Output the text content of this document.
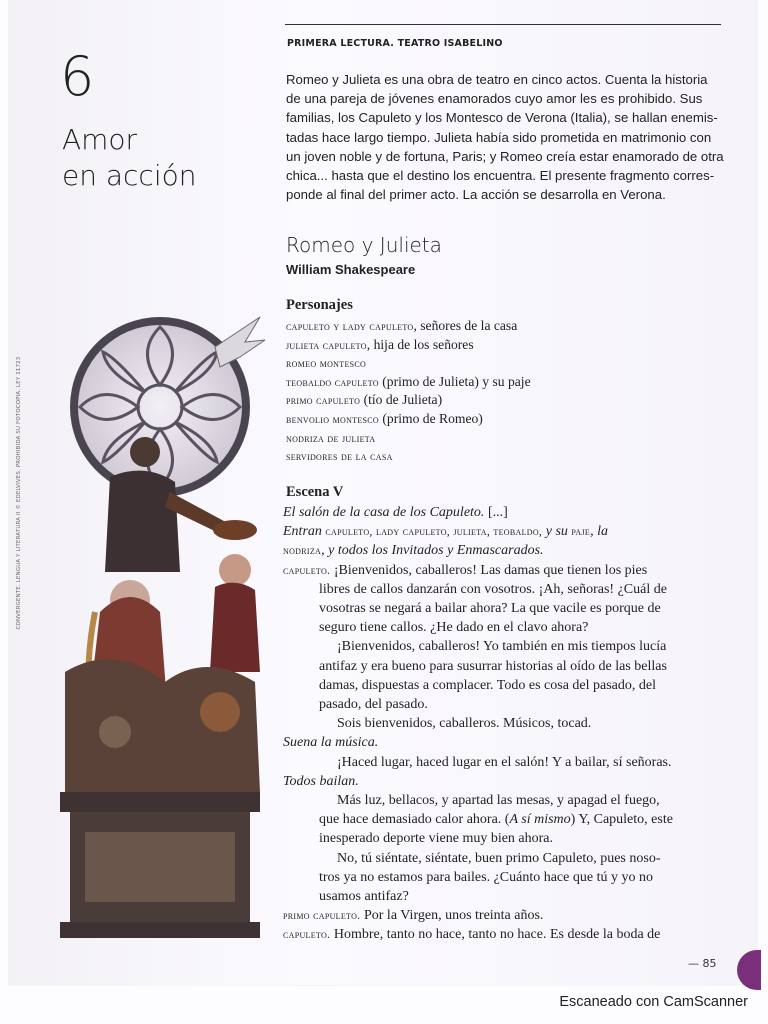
PRIMERA LECTURA. TEATRO ISABELINO
6
Amor
en acción
Romeo y Julieta es una obra de teatro en cinco actos. Cuenta la historia
de una pareja de jóvenes enamorados cuyo amor les es prohibido. Sus
familias, los Capuleto y los Montesco de Verona (Italia), se hallan enemis-
tadas hace largo tiempo. Julieta había sido prometida en matrimonio con
un joven noble y de fortuna, Paris; y Romeo creía estar enamorado de otra
chica... hasta que el destino los encuentra. El presente fragmento corres-
ponde al final del primer acto. La acción se desarrolla en Verona.
Romeo y Julieta
William Shakespeare
Personajes
capuleto y lady capuleto, señores de la casa
julieta capuleto, hija de los señores
romeo montesco
teobaldo capuleto (primo de Julieta) y su paje
primo capuleto (tío de Julieta)
benvolio montesco (primo de Romeo)
nodriza de julieta
servidores de la casa
Escena V
El salón de la casa de los Capuleto. [...]
Entran capuleto, lady capuleto, julieta, teobaldo, y su paje, la
nodriza, y todos los Invitados y Enmascarados.
capuleto. ¡Bienvenidos, caballeros! Las damas que tienen los pies
libres de callos danzarán con vosotros. ¡Ah, señoras! ¿Cuál de
vosotras se negará a bailar ahora? La que vacile es porque de
seguro tiene callos. ¿He dado en el clavo ahora?
¡Bienvenidos, caballeros! Yo también en mis tiempos lucía
antifaz y era bueno para susurrar historias al oído de las bellas
damas, dispuestas a complacer. Todo es cosa del pasado, del
pasado, del pasado.
Sois bienvenidos, caballeros. Músicos, tocad.
Suena la música.
¡Haced lugar, haced lugar en el salón! Y a bailar, sí señoras.
Todos bailan.
Más luz, bellacos, y apartad las mesas, y apagad el fuego,
que hace demasiado calor ahora. (A sí mismo) Y, Capuleto, este
inesperado deporte viene muy bien ahora.
No, tú siéntate, siéntate, buen primo Capuleto, pues noso-
tros ya no estamos para bailes. ¿Cuánto hace que tú y yo no
usamos antifaz?
primo capuleto. Por la Virgen, unos treinta años.
capuleto. Hombre, tanto no hace, tanto no hace. Es desde la boda de
CONVERGENTE. LENGUA Y LITERATURA II © EDELVIVES. PROHIBIDA SU FOTOCOPIA. LEY 11723
— 85
Escaneado con CamScanner
